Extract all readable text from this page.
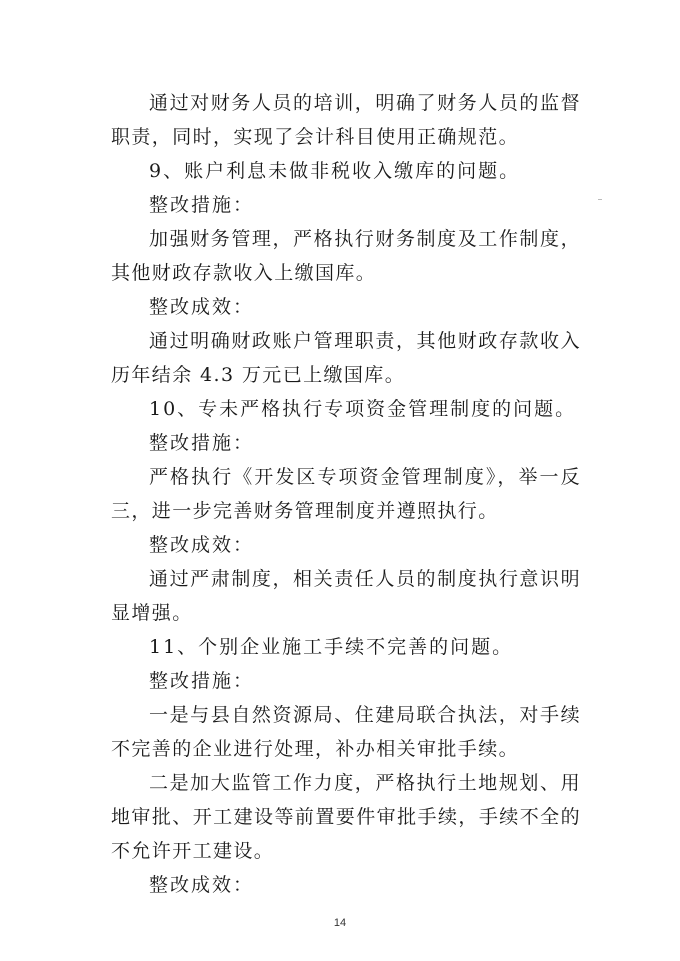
通过对财务人员的培训，明确了财务人员的监督职责，同时，实现了会计科目使用正确规范。

9、账户利息未做非税收入缴库的问题。

整改措施：

加强财务管理，严格执行财务制度及工作制度，其他财政存款收入上缴国库。

整改成效：

通过明确财政账户管理职责，其他财政存款收入历年结余 4.3 万元已上缴国库。

10、专未严格执行专项资金管理制度的问题。

整改措施：

严格执行《开发区专项资金管理制度》，举一反三，进一步完善财务管理制度并遵照执行。

整改成效：

通过严肃制度，相关责任人员的制度执行意识明显增强。

11、个别企业施工手续不完善的问题。

整改措施：

一是与县自然资源局、住建局联合执法，对手续不完善的企业进行处理，补办相关审批手续。

二是加大监管工作力度，严格执行土地规划、用地审批、开工建设等前置要件审批手续，手续不全的不允许开工建设。

整改成效：

14
